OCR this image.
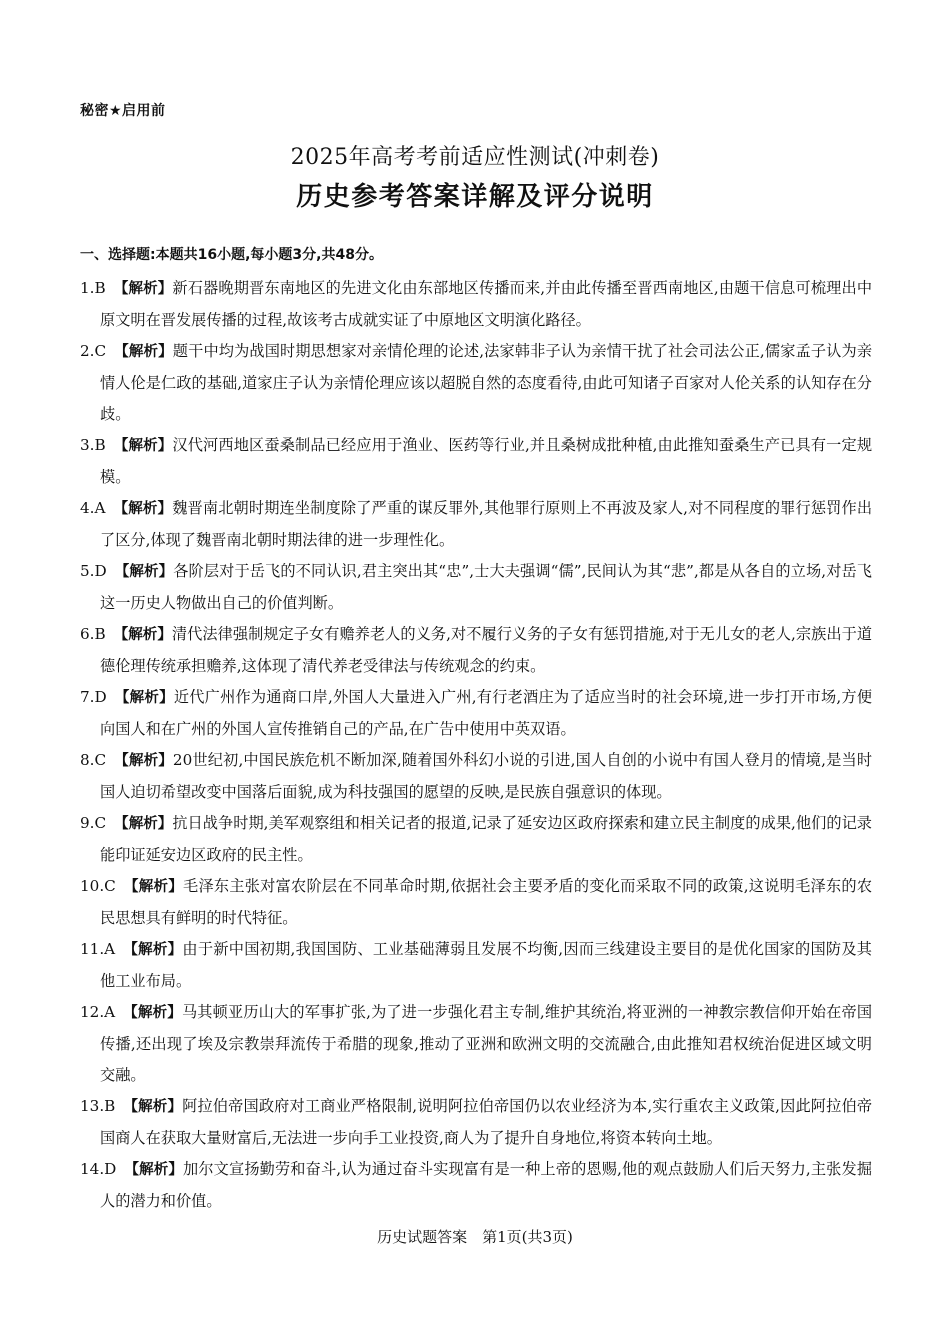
秘密★启用前
2025年高考考前适应性测试(冲刺卷)
历史参考答案详解及评分说明
一、选择题:本题共16小题,每小题3分,共48分。
1.B 【解析】新石器晚期晋东南地区的先进文化由东部地区传播而来,并由此传播至晋西南地区,由题干信息可梳理出中原文明在晋发展传播的过程,故该考古成就实证了中原地区文明演化路径。
2.C 【解析】题干中均为战国时期思想家对亲情伦理的论述,法家韩非子认为亲情干扰了社会司法公正,儒家孟子认为亲情人伦是仁政的基础,道家庄子认为亲情伦理应该以超脱自然的态度看待,由此可知诸子百家对人伦关系的认知存在分歧。
3.B 【解析】汉代河西地区蚕桑制品已经应用于渔业、医药等行业,并且桑树成批种植,由此推知蚕桑生产已具有一定规模。
4.A 【解析】魏晋南北朝时期连坐制度除了严重的谋反罪外,其他罪行原则上不再波及家人,对不同程度的罪行惩罚作出了区分,体现了魏晋南北朝时期法律的进一步理性化。
5.D 【解析】各阶层对于岳飞的不同认识,君主突出其“忠”,士大夫强调“儒”,民间认为其“悲”,都是从各自的立场,对岳飞这一历史人物做出自己的价值判断。
6.B 【解析】清代法律强制规定子女有赡养老人的义务,对不履行义务的子女有惩罚措施,对于无儿女的老人,宗族出于道德伦理传统承担赡养,这体现了清代养老受律法与传统观念的约束。
7.D 【解析】近代广州作为通商口岸,外国人大量进入广州,有行老酒庄为了适应当时的社会环境,进一步打开市场,方便向国人和在广州的外国人宣传推销自己的产品,在广告中使用中英双语。
8.C 【解析】20世纪初,中国民族危机不断加深,随着国外科幻小说的引进,国人自创的小说中有国人登月的情境,是当时国人迫切希望改变中国落后面貌,成为科技强国的愿望的反映,是民族自强意识的体现。
9.C 【解析】抗日战争时期,美军观察组和相关记者的报道,记录了延安边区政府探索和建立民主制度的成果,他们的记录能印证延安边区政府的民主性。
10.C 【解析】毛泽东主张对富农阶层在不同革命时期,依据社会主要矛盾的变化而采取不同的政策,这说明毛泽东的农民思想具有鲜明的时代特征。
11.A 【解析】由于新中国初期,我国国防、工业基础薄弱且发展不均衡,因而三线建设主要目的是优化国家的国防及其他工业布局。
12.A 【解析】马其顿亚历山大的军事扩张,为了进一步强化君主专制,维护其统治,将亚洲的一神教宗教信仰开始在帝国传播,还出现了埃及宗教崇拜流传于希腊的现象,推动了亚洲和欧洲文明的交流融合,由此推知君权统治促进区域文明交融。
13.B 【解析】阿拉伯帝国政府对工商业严格限制,说明阿拉伯帝国仍以农业经济为本,实行重农主义政策,因此阿拉伯帝国商人在获取大量财富后,无法进一步向手工业投资,商人为了提升自身地位,将资本转向土地。
14.D 【解析】加尔文宣扬勤劳和奋斗,认为通过奋斗实现富有是一种上帝的恩赐,他的观点鼓励人们后天努力,主张发掘人的潜力和价值。
历史试题答案　第1页(共3页)
